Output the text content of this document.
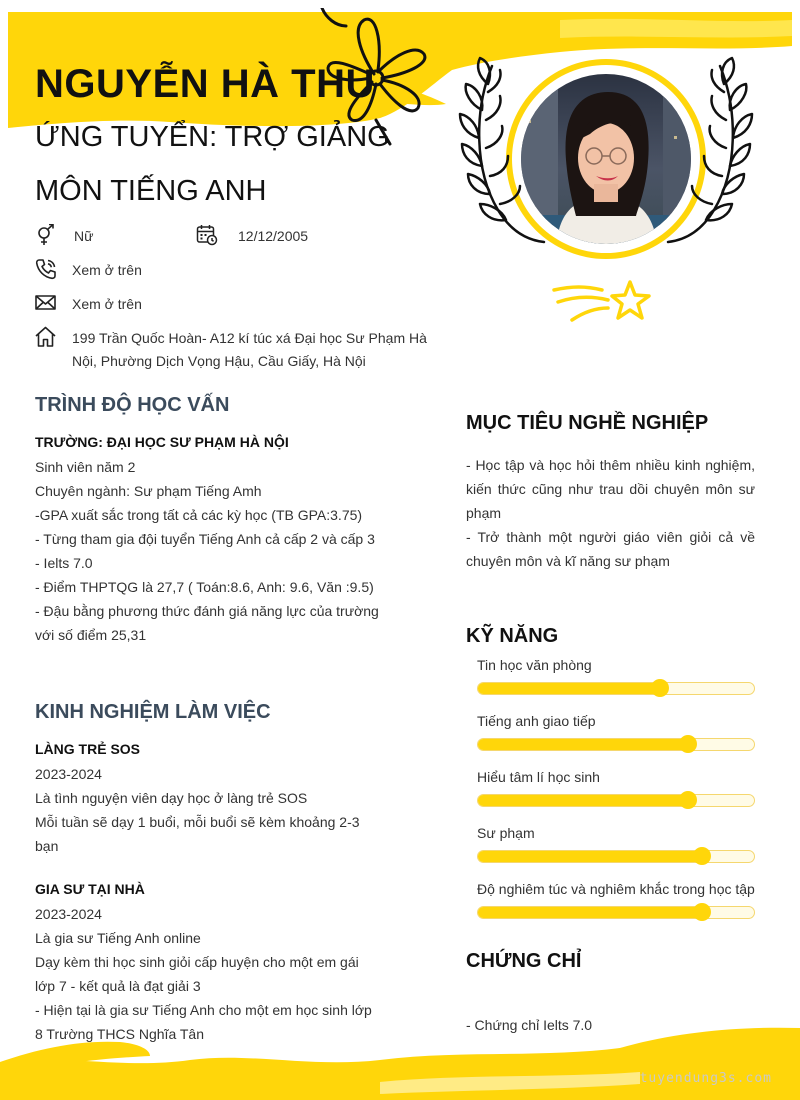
NGUYỄN HÀ THU
ỨNG TUYỂN: TRỢ GIẢNG
MÔN TIẾNG ANH
Nữ	12/12/2005
Xem ở trên
Xem ở trên
199 Trần Quốc Hoàn- A12 kí túc xá Đại học Sư Phạm Hà
Nội, Phường Dịch Vọng Hậu, Cầu Giấy, Hà Nội
TRÌNH ĐỘ HỌC VẤN
TRƯỜNG: ĐẠI HỌC SƯ PHẠM HÀ NỘI
Sinh viên năm 2
Chuyên ngành: Sư phạm Tiếng Amh
-GPA xuất sắc trong tất cả các kỳ học (TB GPA:3.75)
- Từng tham gia đội tuyển Tiếng Anh cả cấp 2 và cấp 3
- Ielts 7.0
- Điểm THPTQG là 27,7 ( Toán:8.6, Anh: 9.6, Văn :9.5)
- Đậu bằng phương thức đánh giá năng lực của trường
với số điểm 25,31
KINH NGHIỆM LÀM VIỆC
LÀNG TRẺ SOS
2023-2024
Là tình nguyện viên dạy học ở làng trẻ SOS
Mỗi tuần sẽ dạy 1 buổi, mỗi buổi sẽ kèm khoảng 2-3
bạn
GIA SƯ TẠI NHÀ
2023-2024
Là gia sư Tiếng Anh online
Dạy kèm thi học sinh giỏi cấp huyện cho một em gái
lớp 7 - kết quả là đạt giải 3
- Hiện tại là gia sư Tiếng Anh cho một em học sinh lớp
8 Trường THCS Nghĩa Tân
MỤC TIÊU NGHỀ NGHIỆP
- Học tập và học hỏi thêm nhiều kinh nghiệm, kiến thức cũng như trau dồi chuyên môn sư phạm
- Trở thành một người giáo viên giỏi cả về chuyên môn và kĩ năng sư phạm
KỸ NĂNG
Tin học văn phòng
Tiếng anh giao tiếp
Hiểu tâm lí học sinh
Sư phạm
Độ nghiêm túc và nghiêm khắc trong học tập
CHỨNG CHỈ
- Chứng chỉ Ielts 7.0
tuyendung3s.com
